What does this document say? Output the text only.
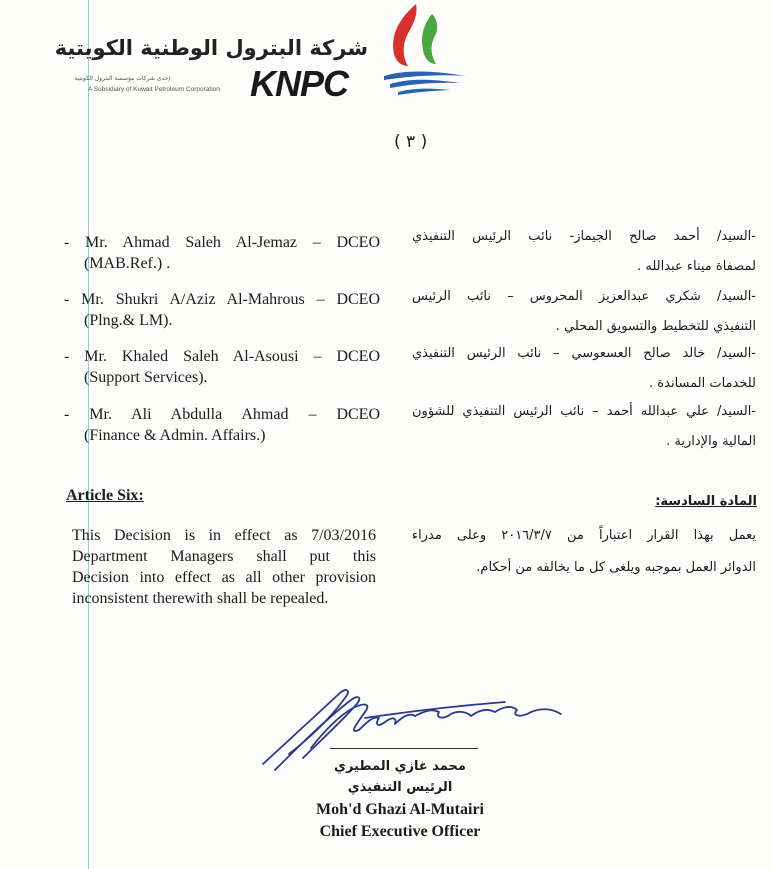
شركة البترول الوطنية الكويتية
إحدى شركات مؤسسة البترول الكويتية
A Subsidiary of Kuwait Petroleum Corporation KNPC
( ٣ )
- Mr. Ahmad Saleh Al-Jemaz – DCEO
(MAB.Ref.) .
- Mr. Shukri A/Aziz Al-Mahrous – DCEO
(Plng.& LM).
- Mr. Khaled Saleh Al-Asousi – DCEO
(Support Services).
- Mr. Ali Abdulla Ahmad – DCEO
(Finance & Admin. Affairs.)
-السيد/ أحمد صالح الجيماز- نائب الرئيس التنفيذي
لمصفاة ميناء عبدالله .
-السيد/ شكري عبدالعزيز المحروس – نائب الرئيس
التنفيذي للتخطيط والتسويق المحلي .
-السيد/ خالد صالح العسعوسي – نائب الرئيس التنفيذي
للخدمات المساندة .
-السيد/ علي عبدالله أحمد – نائب الرئيس التنفيذي للشؤون
المالية والإدارية .
Article Six:	المادة السادسة:
This Decision is in effect as 7/03/2016
Department Managers shall put this
Decision into effect as all other provision
inconsistent therewith shall be repealed.
يعمل بهذا القرار اعتباراً من ٢٠١٦/٣/٧ وعلى مدراء
الدوائر العمل بموجبه ويلغى كل ما يخالفه من أحكام.
محمد غازي المطيري
الرئيس التنفيذي
Moh'd Ghazi Al-Mutairi
Chief Executive Officer
